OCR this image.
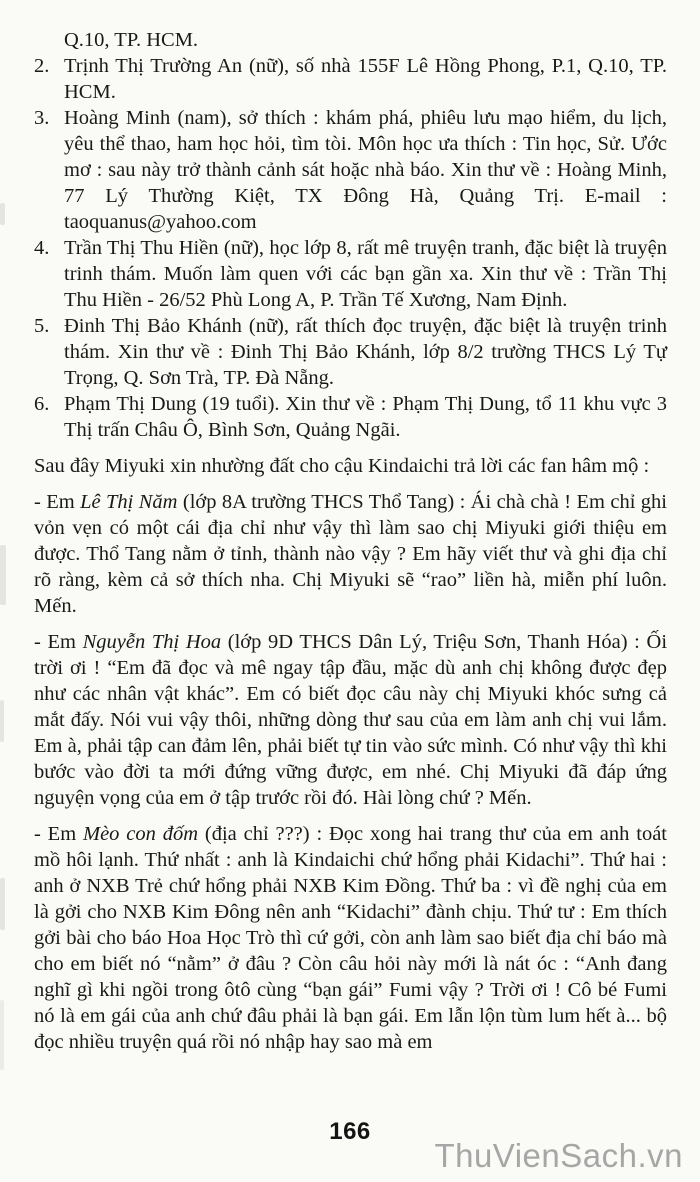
Q.10, TP. HCM.
2. Trịnh Thị Trường An (nữ), số nhà 155F Lê Hồng Phong, P.1, Q.10, TP. HCM.
3. Hoàng Minh (nam), sở thích : khám phá, phiêu lưu mạo hiểm, du lịch, yêu thể thao, ham học hỏi, tìm tòi. Môn học ưa thích : Tin học, Sử. Ước mơ : sau này trở thành cảnh sát hoặc nhà báo. Xin thư về : Hoàng Minh, 77 Lý Thường Kiệt, TX Đông Hà, Quảng Trị. E-mail : taoquanus@yahoo.com
4. Trần Thị Thu Hiền (nữ), học lớp 8, rất mê truyện tranh, đặc biệt là truyện trinh thám. Muốn làm quen với các bạn gần xa. Xin thư về : Trần Thị Thu Hiền - 26/52 Phù Long A, P. Trần Tế Xương, Nam Định.
5. Đinh Thị Bảo Khánh (nữ), rất thích đọc truyện, đặc biệt là truyện trinh thám. Xin thư về : Đinh Thị Bảo Khánh, lớp 8/2 trường THCS Lý Tự Trọng, Q. Sơn Trà, TP. Đà Nẵng.
6. Phạm Thị Dung (19 tuổi). Xin thư về : Phạm Thị Dung, tổ 11 khu vực 3 Thị trấn Châu Ô, Bình Sơn, Quảng Ngãi.
Sau đây Miyuki xin nhường đất cho cậu Kindaichi trả lời các fan hâm mộ :
- Em Lê Thị Năm (lớp 8A trường THCS Thổ Tang) : Ái chà chà ! Em chỉ ghi vỏn vẹn có một cái địa chỉ như vậy thì làm sao chị Miyuki giới thiệu em được. Thổ Tang nằm ở tỉnh, thành nào vậy ? Em hãy viết thư và ghi địa chỉ rõ ràng, kèm cả sở thích nha. Chị Miyuki sẽ “rao” liền hà, miễn phí luôn. Mến.
- Em Nguyễn Thị Hoa (lớp 9D THCS Dân Lý, Triệu Sơn, Thanh Hóa) : Ối trời ơi ! “Em đã đọc và mê ngay tập đầu, mặc dù anh chị không được đẹp như các nhân vật khác”. Em có biết đọc câu này chị Miyuki khóc sưng cả mắt đấy. Nói vui vậy thôi, những dòng thư sau của em làm anh chị vui lắm. Em à, phải tập can đảm lên, phải biết tự tin vào sức mình. Có như vậy thì khi bước vào đời ta mới đứng vững được, em nhé. Chị Miyuki đã đáp ứng nguyện vọng của em ở tập trước rồi đó. Hài lòng chứ ? Mến.
- Em Mèo con đốm (địa chỉ ???) : Đọc xong hai trang thư của em anh toát mồ hôi lạnh. Thứ nhất : anh là Kindaichi chứ hổng phải Kidachi”. Thứ hai : anh ở NXB Trẻ chứ hổng phải NXB Kim Đồng. Thứ ba : vì đề nghị của em là gởi cho NXB Kim Đông nên anh “Kidachi” đành chịu. Thứ tư : Em thích gởi bài cho báo Hoa Học Trò thì cứ gởi, còn anh làm sao biết địa chỉ báo mà cho em biết nó “nằm” ở đâu ? Còn câu hỏi này mới là nát óc : “Anh đang nghĩ gì khi ngồi trong ôtô cùng “bạn gái” Fumi vậy ? Trời ơi ! Cô bé Fumi nó là em gái của anh chứ đâu phải là bạn gái. Em lẫn lộn tùm lum hết à... bộ đọc nhiều truyện quá rồi nó nhập hay sao mà em
166
ThuVienSach.vn
